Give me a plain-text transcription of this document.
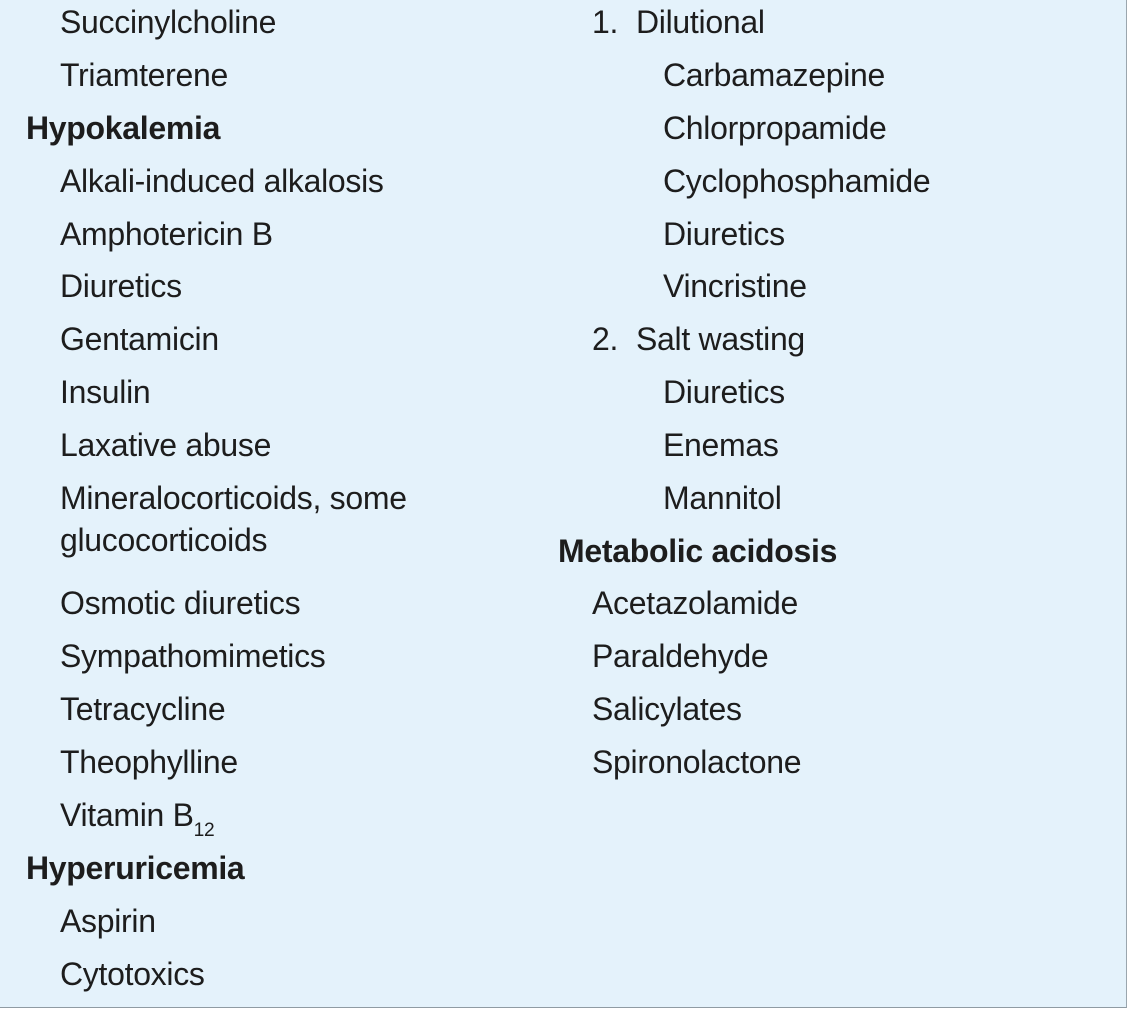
Succinylcholine
Triamterene
Hypokalemia
Alkali-induced alkalosis
Amphotericin B
Diuretics
Gentamicin
Insulin
Laxative abuse
Mineralocorticoids, some
glucocorticoids
Osmotic diuretics
Sympathomimetics
Tetracycline
Theophylline
Vitamin $B_{12}$
Hyperuricemia
Aspirin
Cytotoxics
1. Dilutional
Carbamazepine
Chlorpropamide
Cyclophosphamide
Diuretics
Vincristine
2. Salt wasting
Diuretics
Enemas
Mannitol
Metabolic acidosis
Acetazolamide
Paraldehyde
Salicylates
Spironolactone
